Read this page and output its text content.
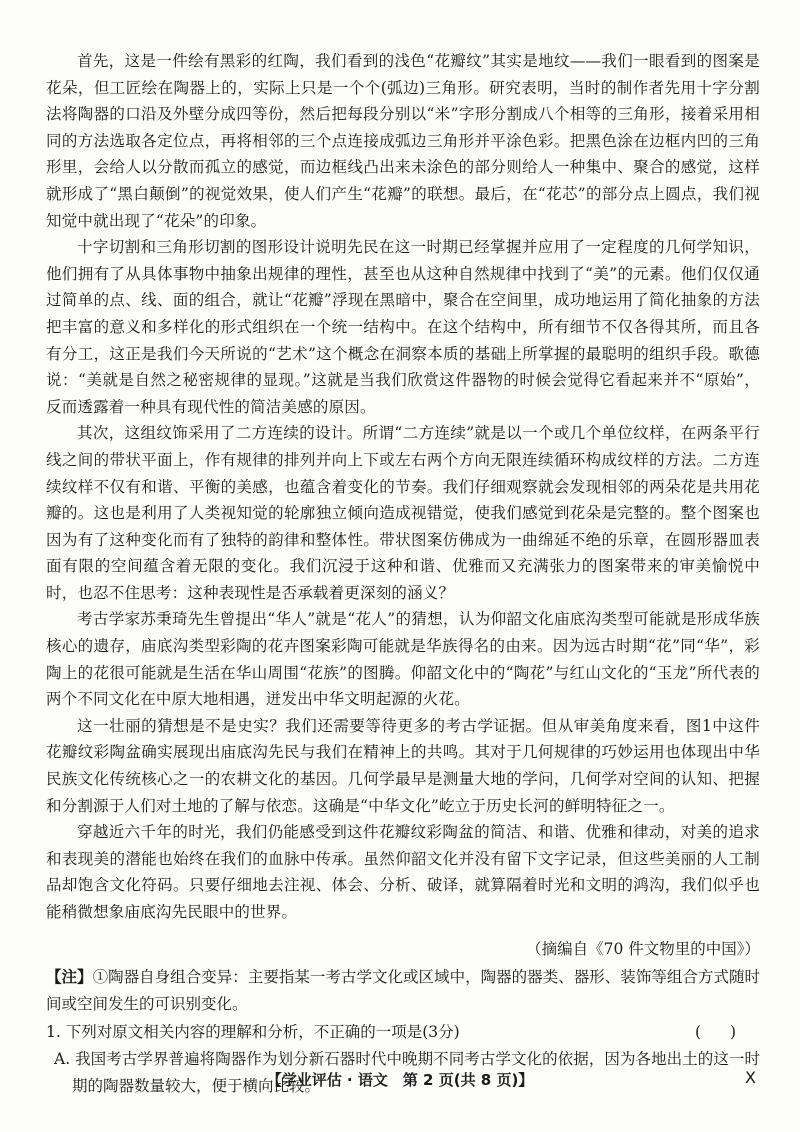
首先，这是一件绘有黑彩的红陶，我们看到的浅色“花瓣纹”其实是地纹——我们一眼看到的图案是花朵，但工匠绘在陶器上的，实际上只是一个个(弧边)三角形。研究表明，当时的制作者先用十字分割法将陶器的口沿及外壁分成四等份，然后把每段分别以“米”字形分割成八个相等的三角形，接着采用相同的方法选取各定位点，再将相邻的三个点连接成弧边三角形并平涂色彩。把黑色涂在边框内凹的三角形里，会给人以分散而孤立的感觉，而边框线凸出来未涂色的部分则给人一种集中、聚合的感觉，这样就形成了“黑白颠倒”的视觉效果，使人们产生“花瓣”的联想。最后，在“花芯”的部分点上圆点，我们视知觉中就出现了“花朵”的印象。

十字切割和三角形切割的图形设计说明先民在这一时期已经掌握并应用了一定程度的几何学知识，他们拥有了从具体事物中抽象出规律的理性，甚至也从这种自然规律中找到了“美”的元素。他们仅仅通过简单的点、线、面的组合，就让“花瓣”浮现在黑暗中，聚合在空间里，成功地运用了简化抽象的方法把丰富的意义和多样化的形式组织在一个统一结构中。在这个结构中，所有细节不仅各得其所，而且各有分工，这正是我们今天所说的“艺术”这个概念在洞察本质的基础上所掌握的最聪明的组织手段。歌德说：“美就是自然之秘密规律的显现。”这就是当我们欣赏这件器物的时候会觉得它看起来并不“原始”，反而透露着一种具有现代性的简洁美感的原因。

其次，这组纹饰采用了二方连续的设计。所谓“二方连续”就是以一个或几个单位纹样，在两条平行线之间的带状平面上，作有规律的排列并向上下或左右两个方向无限连续循环构成纹样的方法。二方连续纹样不仅有和谐、平衡的美感，也蕴含着变化的节奏。我们仔细观察就会发现相邻的两朵花是共用花瓣的。这也是利用了人类视知觉的轮廓独立倾向造成视错觉，使我们感觉到花朵是完整的。整个图案也因为有了这种变化而有了独特的韵律和整体性。带状图案仿佛成为一曲绵延不绝的乐章，在圆形器皿表面有限的空间蕴含着无限的变化。我们沉浸于这种和谐、优雅而又充满张力的图案带来的审美愉悦中时，也忍不住思考：这种表现性是否承载着更深刻的涵义？

考古学家苏秉琦先生曾提出“华人”就是“花人”的猜想，认为仰韶文化庙底沟类型可能就是形成华族核心的遗存，庙底沟类型彩陶的花卉图案彩陶可能就是华族得名的由来。因为远古时期“花”同“华”，彩陶上的花很可能就是生活在华山周围“花族”的图腾。仰韶文化中的“陶花”与红山文化的“玉龙”所代表的两个不同文化在中原大地相遇，迸发出中华文明起源的火花。

这一壮丽的猜想是不是史实？我们还需要等待更多的考古学证据。但从审美角度来看，图1中这件花瓣纹彩陶盆确实展现出庙底沟先民与我们在精神上的共鸣。其对于几何规律的巧妙运用也体现出中华民族文化传统核心之一的农耕文化的基因。几何学最早是测量大地的学问，几何学对空间的认知、把握和分割源于人们对土地的了解与依恋。这确是“中华文化”屹立于历史长河的鲜明特征之一。

穿越近六千年的时光，我们仍能感受到这件花瓣纹彩陶盆的简洁、和谐、优雅和律动，对美的追求和表现美的潜能也始终在我们的血脉中传承。虽然仰韶文化并没有留下文字记录，但这些美丽的人工制品却饱含文化符码。只要仔细地去注视、体会、分析、破译，就算隔着时光和文明的鸿沟，我们似乎也能稍微想象庙底沟先民眼中的世界。

（摘编自《70 件文物里的中国》）
【注】①陶器自身组合变异：主要指某一考古学文化或区域中，陶器的器类、器形、装饰等组合方式随时间或空间发生的可识别变化。
1. 下列对原文相关内容的理解和分析，不正确的一项是(3分)	( )
A. 我国考古学界普遍将陶器作为划分新石器时代中晚期不同考古学文化的依据，因为各地出土的这一时期的陶器数量较大，便于横向比较。
【学业评估 · 语文　第 2 页(共 8 页)】	X
